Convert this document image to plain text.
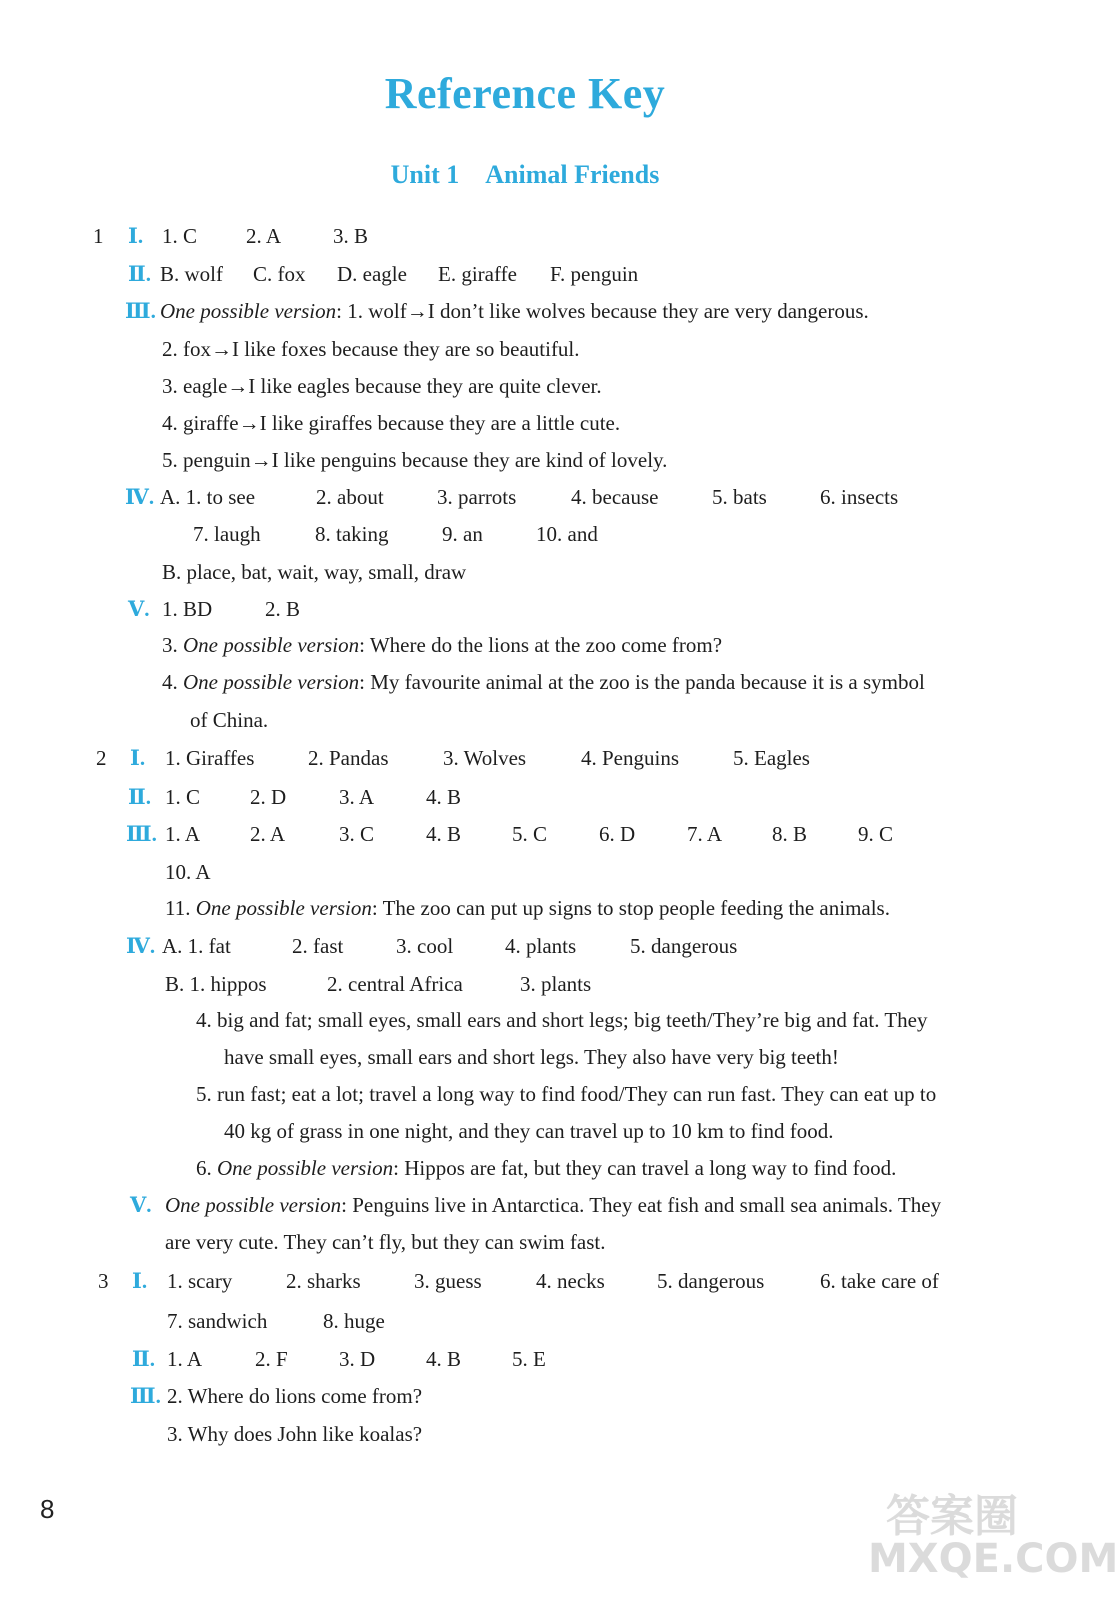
Reference Key
Unit 1 Animal Friends
1 Ⅰ. 1. C 2. A 3. B
Ⅱ. B. wolf C. fox D. eagle E. giraffe F. penguin
Ⅲ. One possible version: 1. wolf→I don’t like wolves because they are very dangerous.
2. fox→I like foxes because they are so beautiful.
3. eagle→I like eagles because they are quite clever.
4. giraffe→I like giraffes because they are a little cute.
5. penguin→I like penguins because they are kind of lovely.
Ⅳ. A. 1. to see	2. about	3. parrots	4. because	5. bats	6. insects
7. laugh	8. taking	9. an	10. and
B. place, bat, wait, way, small, draw
Ⅴ. 1. BD	2. B
3. One possible version: Where do the lions at the zoo come from?
4. One possible version: My favourite animal at the zoo is the panda because it is a symbol
of China.
2 Ⅰ. 1. Giraffes	2. Pandas	3. Wolves	4. Penguins	5. Eagles
Ⅱ. 1. C 2. D	3. A 4. B
Ⅲ. 1. A 2. A	3. C 4. B 5. C 6. D 7. A 8. B 9. C
10. A
11. One possible version: The zoo can put up signs to stop people feeding the animals.
Ⅳ. A. 1. fat	2. fast	3. cool 4. plants	5. dangerous
B. 1. hippos	2. central Africa	3. plants
4. big and fat; small eyes, small ears and short legs; big teeth/They’re big and fat. They
have small eyes, small ears and short legs. They also have very big teeth!
5. run fast; eat a lot; travel a long way to find food/They can run fast. They can eat up to
40 kg of grass in one night, and they can travel up to 10 km to find food.
6. One possible version: Hippos are fat, but they can travel a long way to find food.
Ⅴ. One possible version: Penguins live in Antarctica. They eat fish and small sea animals. They
are very cute. They can’t fly, but they can swim fast.
3 Ⅰ. 1. scary	2. sharks	3. guess	4. necks 5. dangerous	6. take care of
7. sandwich	8. huge
Ⅱ. 1. A	2. F 3. D 4. B 5. E
Ⅲ. 2. Where do lions come from?
3. Why does John like koalas?
8	答案圈
MXQE.COM
